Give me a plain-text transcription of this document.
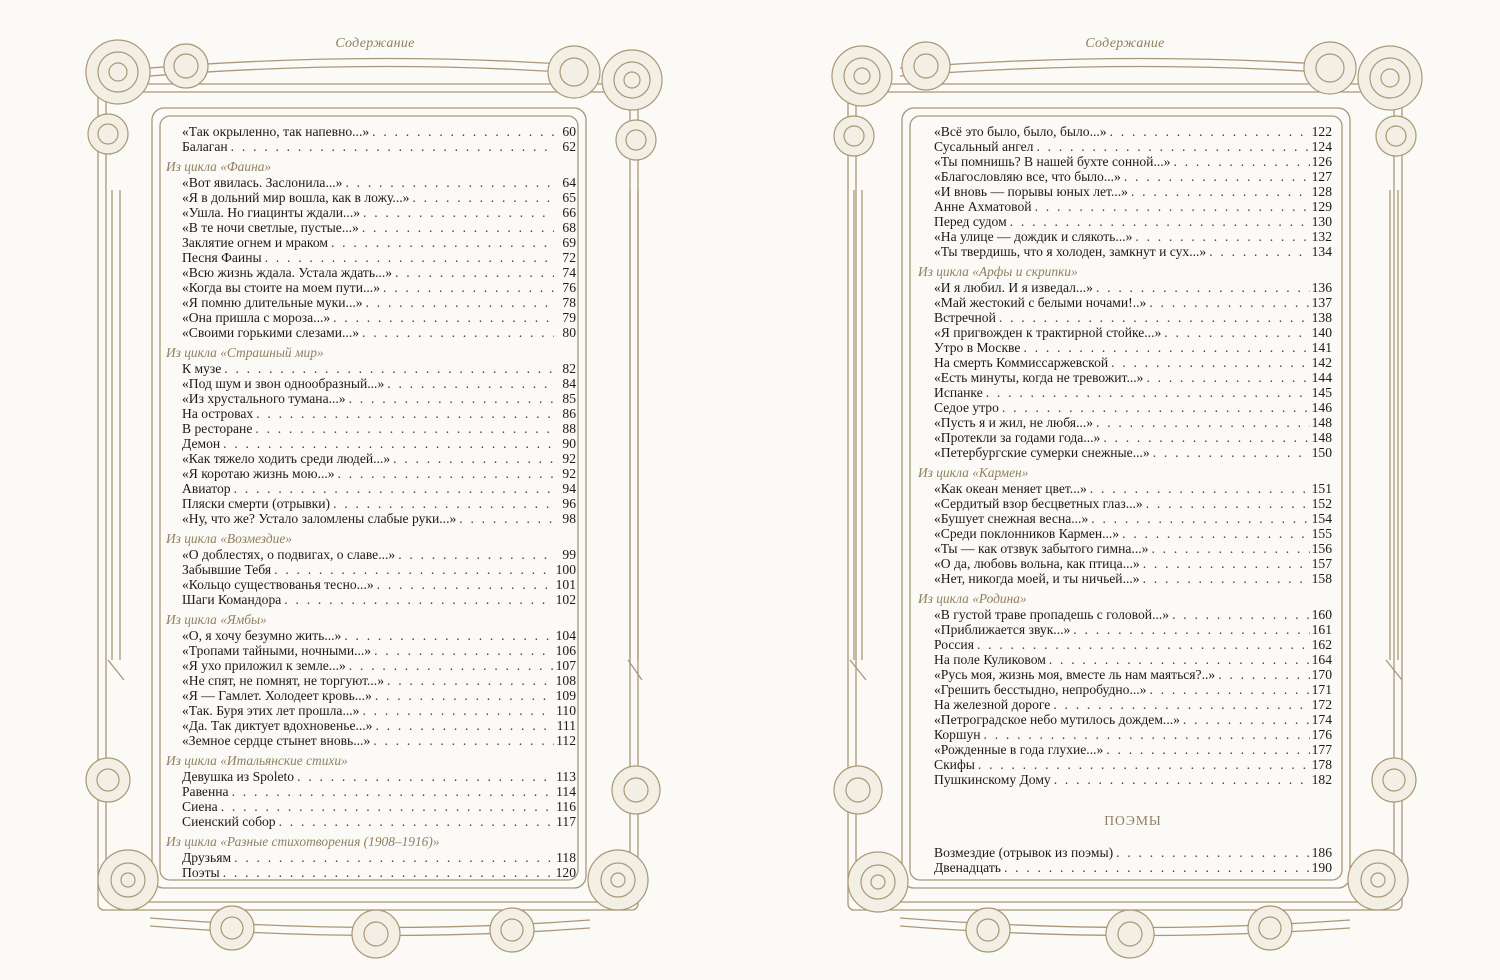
Содержание
«Так окрыленно, так напевно...» . . .	60
Балаган . . .	62
Из цикла «Фаина»
«Вот явилась. Заслонила...» . . .	64
«Я в дольний мир вошла, как в ложу...» . . .	65
«Ушла. Но гиацинты ждали...» . . .	66
«В те ночи светлые, пустые...» . . .	68
Заклятие огнем и мраком . . .	69
Песня Фаины . . .	72
«Всю жизнь ждала. Устала ждать...» . . .	74
«Когда вы стоите на моем пути...» . . .	76
«Я помню длительные муки...» . . .	78
«Она пришла с мороза...» . . .	79
«Своими горькими слезами...» . . .	80
Из цикла «Страшный мир»
К музе . . .	82
«Под шум и звон однообразный...» . . .	84
«Из хрустального тумана...» . . .	85
На островах . . .	86
В ресторане . . .	88
Демон . . .	90
«Как тяжело ходить среди людей...» . . .	92
«Я коротаю жизнь мою...» . . .	92
Авиатор . . .	94
Пляски смерти (отрывки) . . .	96
«Ну, что же? Устало заломлены слабые руки...» . . .	98
Из цикла «Возмездие»
«О доблестях, о подвигах, о славе...» . . .	99
Забывшие Тебя . . .	100
«Кольцо существованья тесно...» . . .	101
Шаги Командора . . .	102
Из цикла «Ямбы»
«О, я хочу безумно жить...» . . .	104
«Тропами тайными, ночными...» . . .	106
«Я ухо приложил к земле...» . . .	107
«Не спят, не помнят, не торгуют...» . . .	108
«Я — Гамлет. Холодеет кровь...» . . .	109
«Так. Буря этих лет прошла...» . . .	110
«Да. Так диктует вдохновенье...» . . .	111
«Земное сердце стынет вновь...» . . .	112
Из цикла «Итальянские стихи»
Девушка из Spoleto . . .	113
Равенна . . .	114
Сиена . . .	116
Сиенский собор . . .	117
Из цикла «Разные стихотворения (1908–1916)»
Друзьям . . .	118
Поэты . . .	120
Содержание
«Всё это было, было, было...» . . .	122
Сусальный ангел . . .	124
«Ты помнишь? В нашей бухте сонной...» . . .	126
«Благословляю все, что было...» . . .	127
«И вновь — порывы юных лет...» . . .	128
Анне Ахматовой . . .	129
Перед судом . . .	130
«На улице — дождик и слякоть...» . . .	132
«Ты твердишь, что я холоден, замкнут и сух...» . . .	134
Из цикла «Арфы и скрипки»
«И я любил. И я изведал...» . . .	136
«Май жестокий с белыми ночами!..» . . .	137
Встречной . . .	138
«Я пригвожден к трактирной стойке...» . . .	140
Утро в Москве . . .	141
На смерть Коммиссаржевской . . .	142
«Есть минуты, когда не тревожит...» . . .	144
Испанке . . .	145
Седое утро . . .	146
«Пусть я и жил, не любя...» . . .	148
«Протекли за годами года...» . . .	148
«Петербургские сумерки снежные...» . . .	150
Из цикла «Кармен»
«Как океан меняет цвет...» . . .	151
«Сердитый взор бесцветных глаз...» . . .	152
«Бушует снежная весна...» . . .	154
«Среди поклонников Кармен...» . . .	155
«Ты — как отзвук забытого гимна...» . . .	156
«О да, любовь вольна, как птица...» . . .	157
«Нет, никогда моей, и ты ничьей...» . . .	158
Из цикла «Родина»
«В густой траве пропадешь с головой...» . . .	160
«Приближается звук...» . . .	161
Россия . . .	162
На поле Куликовом . . .	164
«Русь моя, жизнь моя, вместе ль нам маяться?..» . . .	170
«Грешить бесстыдно, непробудно...» . . .	171
На железной дороге . . .	172
«Петроградское небо мутилось дождем...» . . .	174
Коршун . . .	176
«Рожденные в года глухие...» . . .	177
Скифы . . .	178
Пушкинскому Дому . . .	182
ПОЭМЫ
Возмездие (отрывок из поэмы) . . .	186
Двенадцать . . .	190
